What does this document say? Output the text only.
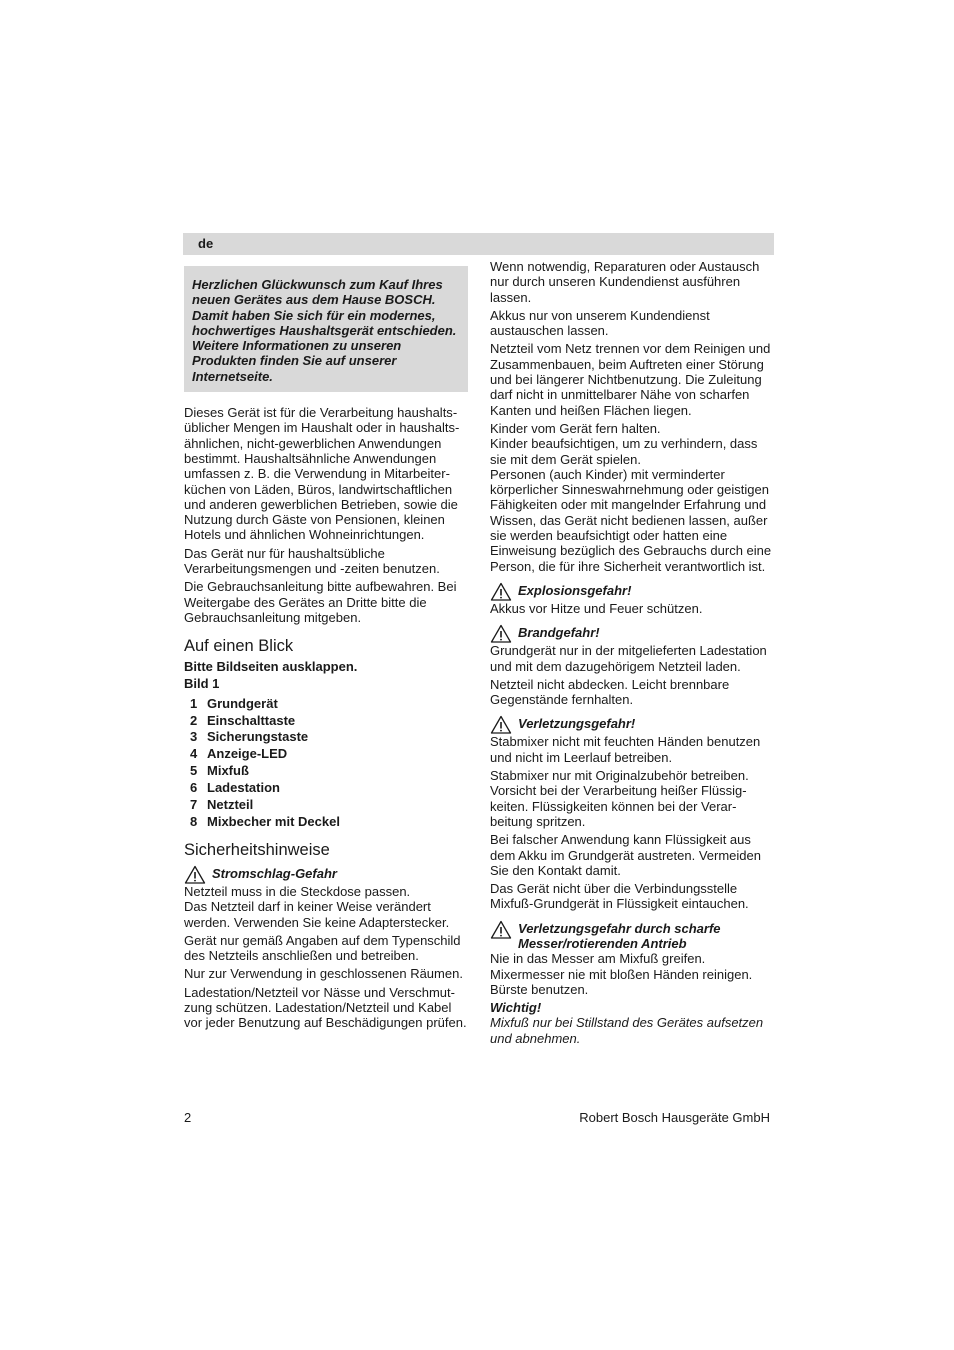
de

Herzlichen Glückwunsch zum Kauf Ihres neuen Gerätes aus dem Hause BOSCH. Damit haben Sie sich für ein modernes, hochwertiges Haushaltsgerät entschieden. Weitere Informationen zu unseren Produkten finden Sie auf unserer Internetseite.

Dieses Gerät ist für die Verarbeitung haushaltsüblicher Mengen im Haushalt oder in haushaltsähnlichen, nicht-gewerblichen Anwendungen bestimmt. Haushaltsähnliche Anwendungen umfassen z. B. die Verwendung in Mitarbeiterküchen von Läden, Büros, landwirtschaftlichen und anderen gewerblichen Betrieben, sowie die Nutzung durch Gäste von Pensionen, kleinen Hotels und ähnlichen Wohneinrichtungen.

Das Gerät nur für haushaltsübliche Verarbeitungsmengen und -zeiten benutzen.

Die Gebrauchsanleitung bitte aufbewahren. Bei Weitergabe des Gerätes an Dritte bitte die Gebrauchsanleitung mitgeben.

Auf einen Blick

Bitte Bildseiten ausklappen.

Bild 1

1 Grundgerät
2 Einschalttaste
3 Sicherungstaste
4 Anzeige-LED
5 Mixfuß
6 Ladestation
7 Netzteil
8 Mixbecher mit Deckel
Sicherheitshinweise
Stromschlag-Gefahr

Netzteil muss in die Steckdose passen.

Das Netzteil darf in keiner Weise verändert werden. Verwenden Sie keine Adapterstecker.

Gerät nur gemäß Angaben auf dem Typenschild des Netzteils anschließen und betreiben.

Nur zur Verwendung in geschlossenen Räumen.

Ladestation/Netzteil vor Nässe und Verschmutzung schützen. Ladestation/Netzteil und Kabel vor jeder Benutzung auf Beschädigungen prüfen.

Wenn notwendig, Reparaturen oder Austausch nur durch unseren Kundendienst ausführen lassen.

Akkus nur von unserem Kundendienst austauschen lassen.

Netzteil vom Netz trennen vor dem Reinigen und Zusammenbauen, beim Auftreten einer Störung und bei längerer Nichtbenutzung. Die Zuleitung darf nicht in unmittelbarer Nähe von scharfen Kanten und heißen Flächen liegen.

Kinder vom Gerät fern halten.

Kinder beaufsichtigen, um zu verhindern, dass sie mit dem Gerät spielen.

Personen (auch Kinder) mit verminderter körperlicher Sinneswahrnehmung oder geistigen Fähigkeiten oder mit mangelnder Erfahrung und Wissen, das Gerät nicht bedienen lassen, außer sie werden beaufsichtigt oder hatten eine Einweisung bezüglich des Gebrauchs durch eine Person, die für ihre Sicherheit verantwortlich ist.

Explosionsgefahr!

Akkus vor Hitze und Feuer schützen.

Brandgefahr!

Grundgerät nur in der mitgelieferten Ladestation und mit dem dazugehörigem Netzteil laden.

Netzteil nicht abdecken. Leicht brennbare Gegenstände fernhalten.

Verletzungsgefahr!

Stabmixer nicht mit feuchten Händen benutzen und nicht im Leerlauf betreiben.

Stabmixer nur mit Originalzubehör betreiben. Vorsicht bei der Verarbeitung heißer Flüssigkeiten. Flüssigkeiten können bei der Verarbeitung spritzen.

Bei falscher Anwendung kann Flüssigkeit aus dem Akku im Grundgerät austreten. Vermeiden Sie den Kontakt damit.

Das Gerät nicht über die Verbindungsstelle Mixfuß-Grundgerät in Flüssigkeit eintauchen.

Verletzungsgefahr durch scharfe Messer/rotierenden Antrieb

Nie in das Messer am Mixfuß greifen. Mixermesser nie mit bloßen Händen reinigen. Bürste benutzen.

Wichtig!

Mixfuß nur bei Stillstand des Gerätes aufsetzen und abnehmen.

2	Robert Bosch Hausgeräte GmbH
